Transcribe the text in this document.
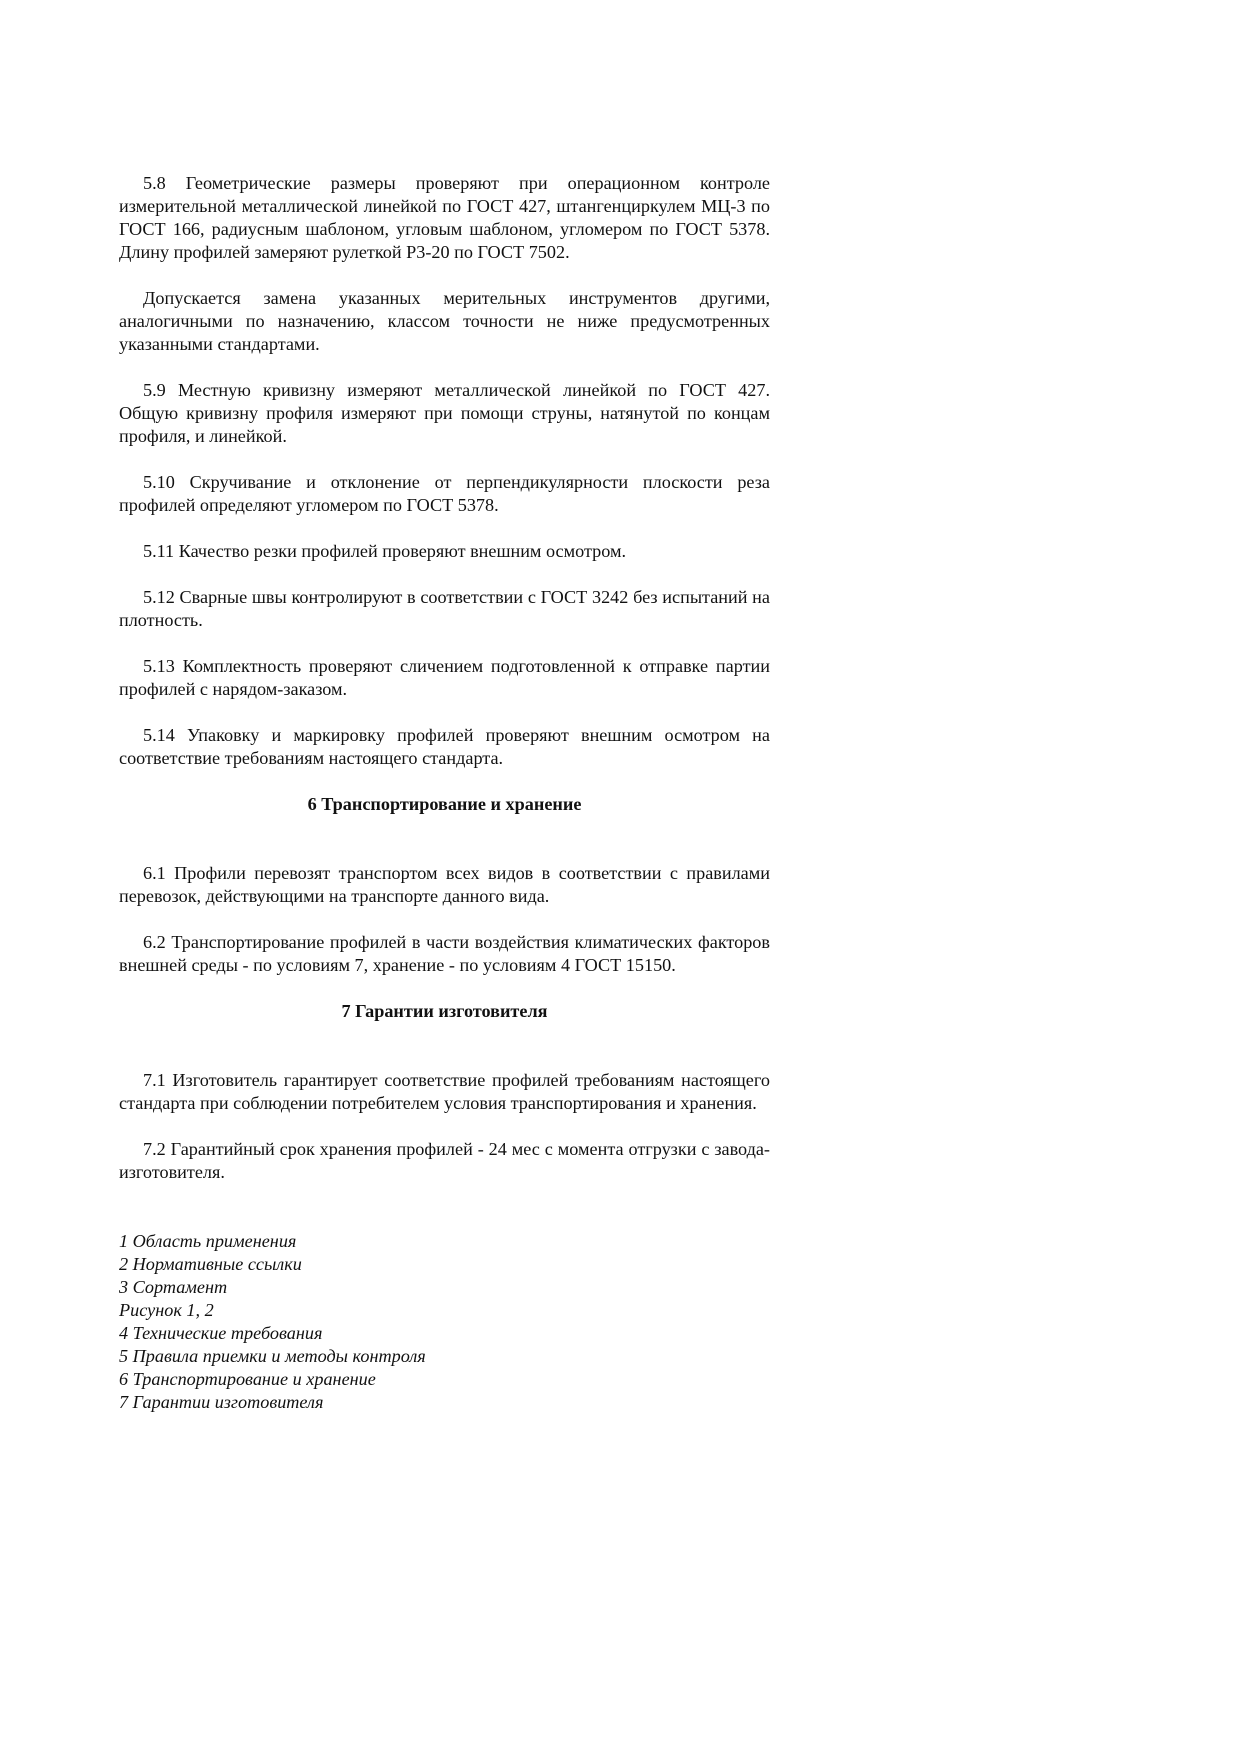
5.8 Геометрические размеры проверяют при операционном контроле измерительной металлической линейкой по ГОСТ 427, штангенциркулем МЦ-3 по ГОСТ 166, радиусным шаблоном, угловым шаблоном, угломером по ГОСТ 5378. Длину профилей замеряют рулеткой Р3-20 по ГОСТ 7502.

Допускается замена указанных мерительных инструментов другими, аналогичными по назначению, классом точности не ниже предусмотренных указанными стандартами.

5.9 Местную кривизну измеряют металлической линейкой по ГОСТ 427. Общую кривизну профиля измеряют при помощи струны, натянутой по концам профиля, и линейкой.

5.10 Скручивание и отклонение от перпендикулярности плоскости реза профилей определяют угломером по ГОСТ 5378.

5.11 Качество резки профилей проверяют внешним осмотром.

5.12 Сварные швы контролируют в соответствии с ГОСТ 3242 без испытаний на плотность.

5.13 Комплектность проверяют сличением подготовленной к отправке партии профилей с нарядом-заказом.

5.14 Упаковку и маркировку профилей проверяют внешним осмотром на соответствие требованиям настоящего стандарта.

6 Транспортирование и хранение

6.1 Профили перевозят транспортом всех видов в соответствии с правилами перевозок, действующими на транспорте данного вида.

6.2 Транспортирование профилей в части воздействия климатических факторов внешней среды - по условиям 7, хранение - по условиям 4 ГОСТ 15150.

7 Гарантии изготовителя

7.1 Изготовитель гарантирует соответствие профилей требованиям настоящего стандарта при соблюдении потребителем условия транспортирования и хранения.

7.2 Гарантийный срок хранения профилей - 24 мес с момента отгрузки с завода-изготовителя.

1 Область применения
2 Нормативные ссылки
3 Сортамент
Рисунок 1, 2
4 Технические требования
5 Правила приемки и методы контроля
6 Транспортирование и хранение
7 Гарантии изготовителя
